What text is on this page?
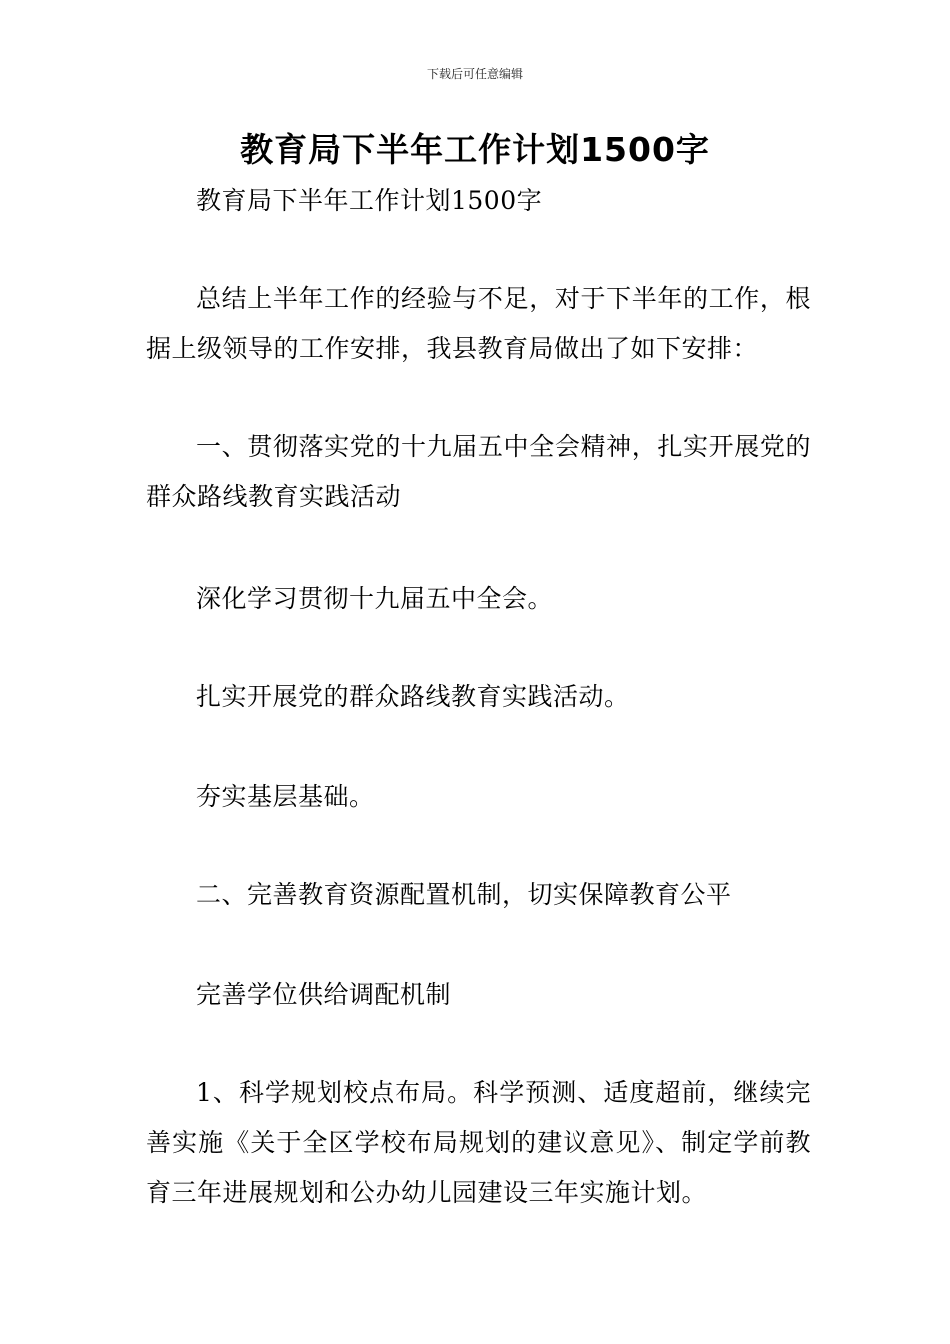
下载后可任意编辑
教育局下半年工作计划1500字

教育局下半年工作计划1500字

总结上半年工作的经验与不足，对于下半年的工作，根据上级领导的工作安排，我县教育局做出了如下安排：

一、贯彻落实党的十九届五中全会精神，扎实开展党的群众路线教育实践活动

深化学习贯彻十九届五中全会。

扎实开展党的群众路线教育实践活动。

夯实基层基础。

二、完善教育资源配置机制，切实保障教育公平

完善学位供给调配机制

1、科学规划校点布局。科学预测、适度超前，继续完善实施《关于全区学校布局规划的建议意见》、制定学前教育三年进展规划和公办幼儿园建设三年实施计划。
